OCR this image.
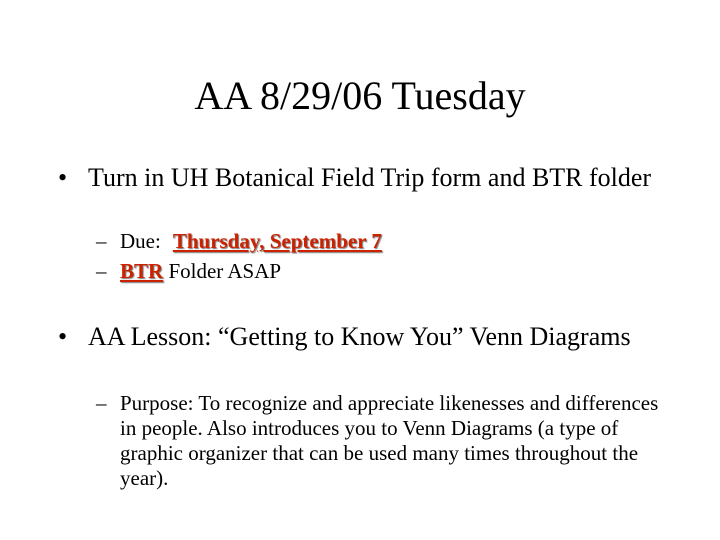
AA 8/29/06 Tuesday
• Turn in UH Botanical Field Trip form and BTR folder
– Due: Thursday, September 7
– BTR Folder ASAP
• AA Lesson: “Getting to Know You” Venn Diagrams
– Purpose: To recognize and appreciate likenesses and differences in people. Also introduces you to Venn Diagrams (a type of graphic organizer that can be used many times throughout the year).
